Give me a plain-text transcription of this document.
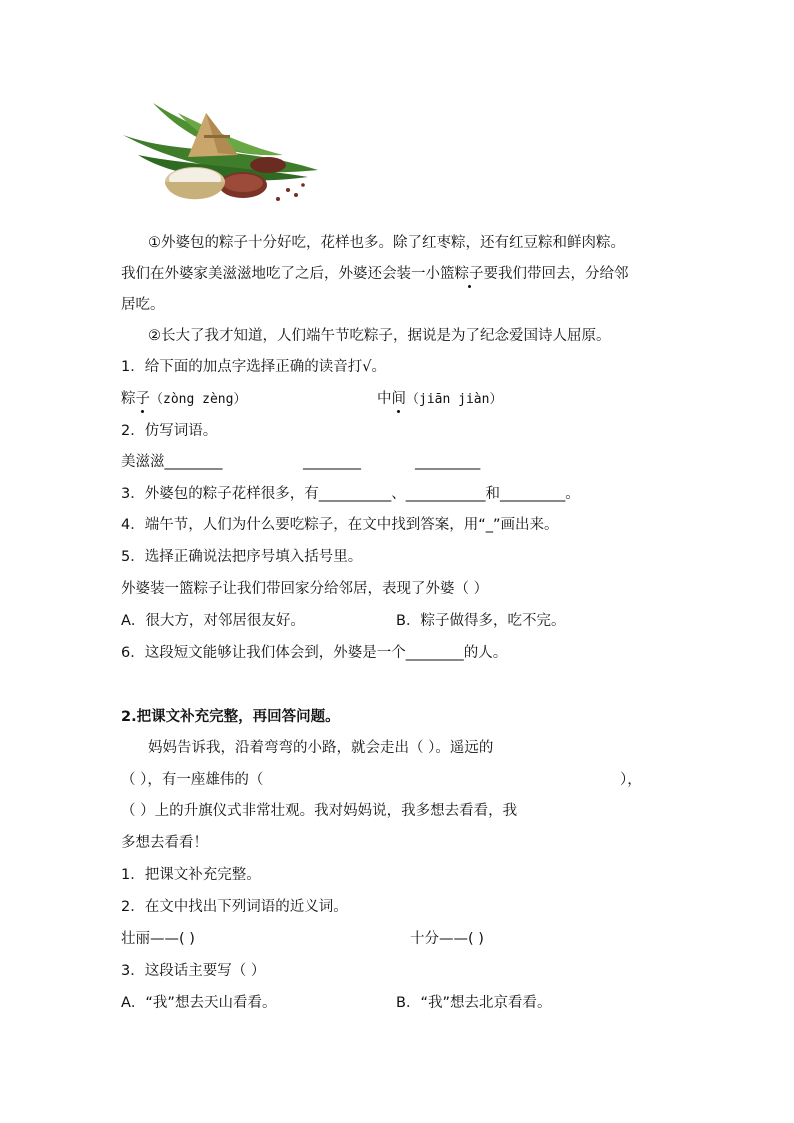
①外婆包的粽子十分好吃，花样也多。除了红枣粽，还有红豆粽和鲜肉粽。
我们在外婆家美滋滋地吃了之后，外婆还会装一小篮粽子要我们带回去，分给邻
居吃。
②长大了我才知道，人们端午节吃粽子，据说是为了纪念爱国诗人屈原。
1．给下面的加点字选择正确的读音打√。
粽子（zòng zèng）	中间（jiān jiàn）
2．仿写词语。
美滋滋________	________	_________
3．外婆包的粽子花样很多，有__________、___________和_________。
4．端午节，人们为什么要吃粽子，在文中找到答案，用“_”画出来。
5．选择正确说法把序号填入括号里。
外婆装一篮粽子让我们带回家分给邻居，表现了外婆（ ）
A．很大方，对邻居很友好。	B．粽子做得多，吃不完。
6．这段短文能够让我们体会到，外婆是一个________的人。
2.把课文补充完整，再回答问题。
妈妈告诉我，沿着弯弯的小路，就会走出（ ）。遥远的
（ ），有一座雄伟的（	），
（ ）上的升旗仪式非常壮观。我对妈妈说，我多想去看看，我
多想去看看！
1．把课文补充完整。
2．在文中找出下列词语的近义词。
壮丽——( )	十分——( )
3．这段话主要写（ ）
A．“我”想去天山看看。	B．“我”想去北京看看。
